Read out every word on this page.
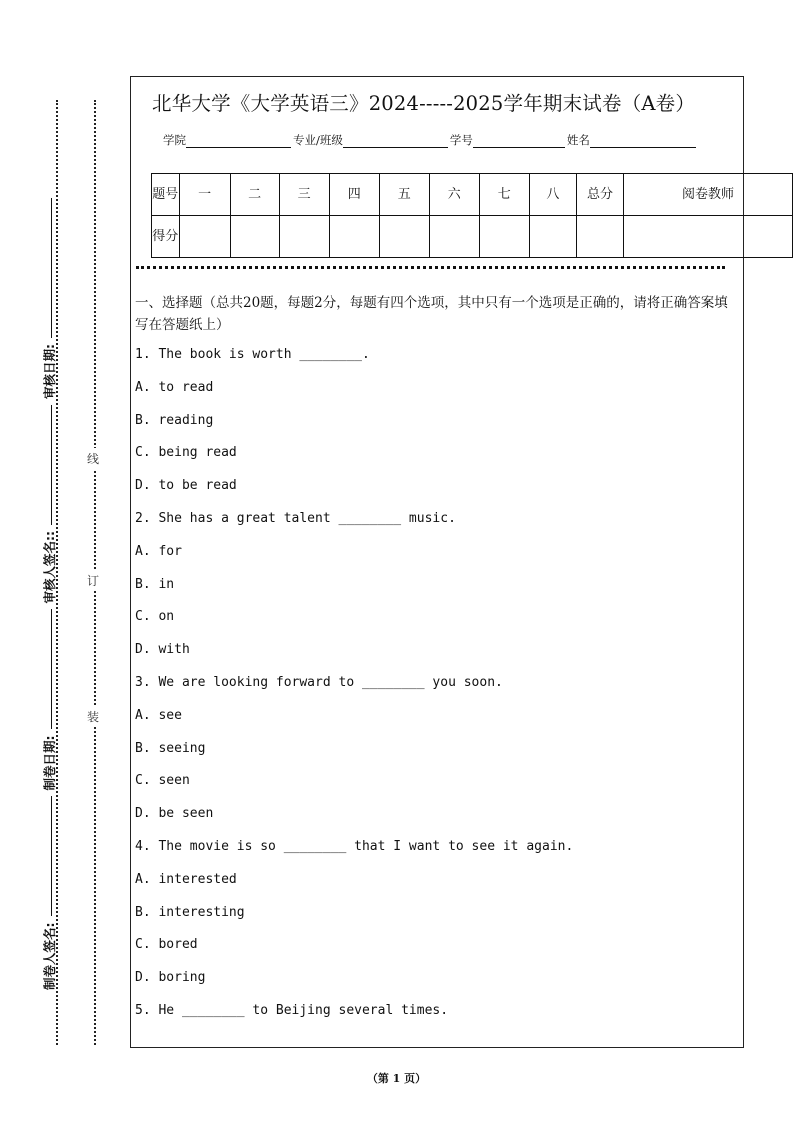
线
订
装
制卷人签名:
制卷日期:
审核人签名::
审核日期:
北华大学《大学英语三》2024-----2025学年期末试卷（A卷）
学院	专业/班级	学号	姓名
题号	一	二	三	四	五	六	七	八	总分	阅卷教师
得分										
一、选择题（总共20题，每题2分，每题有四个选项，其中只有一个选项是正确的，请将正确答案填写在答题纸上）
1. The book is worth ________.
A. to read
B. reading
C. being read
D. to be read
2. She has a great talent ________ music.
A. for
B. in
C. on
D. with
3. We are looking forward to ________ you soon.
A. see
B. seeing
C. seen
D. be seen
4. The movie is so ________ that I want to see it again.
A. interested
B. interesting
C. bored
D. boring
5. He ________ to Beijing several times.
（第 1 页）
